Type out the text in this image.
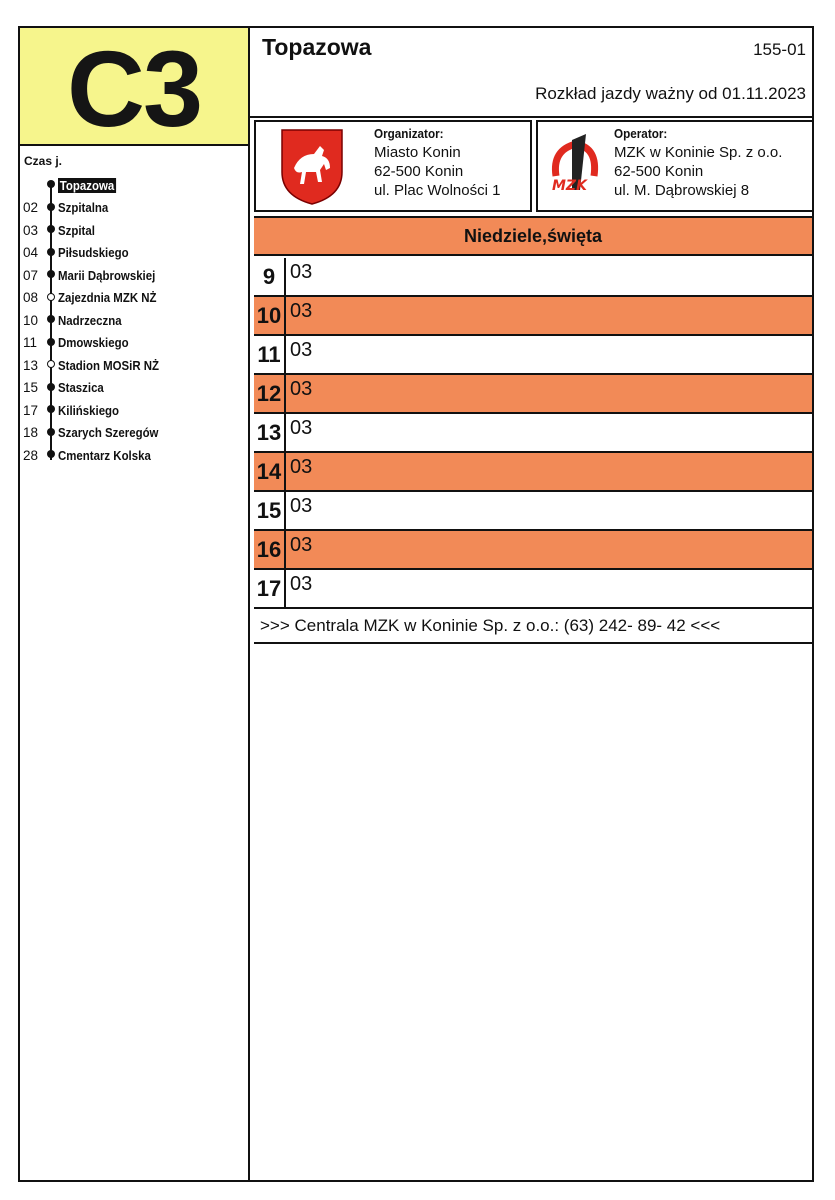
C3
Czas j.
Topazowa
02	Szpitalna
03	Szpital
04	Piłsudskiego
07	Marii Dąbrowskiej
08	Zajezdnia MZK NŻ
10	Nadrzeczna
11	Dmowskiego
13	Stadion MOSiR NŻ
15	Staszica
17	Kilińskiego
18	Szarych Szeregów
28	Cmentarz Kolska
Topazowa	155-01
Rozkład jazdy ważny od 01.11.2023
Organizator:
Miasto Konin
62-500 Konin
ul. Plac Wolności 1	MZK
Operator:
MZK w Koninie Sp. z o.o.
62-500 Konin
ul. M. Dąbrowskiej 8
Niedziele,święta
9 03
10 03
11 03
12 03
13 03
14 03
15 03
16 03
17 03
>>> Centrala MZK w Koninie Sp. z o.o.: (63) 242- 89- 42 <<<
